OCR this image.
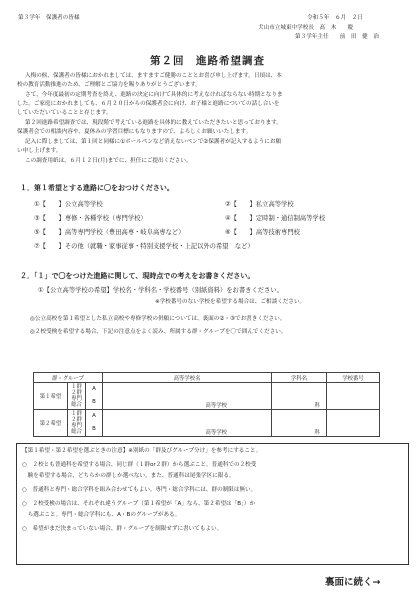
第３学年　保護者の皆様	令和５年　６月　２日
犬山市立城東中学校長　髙　木　　慶
第３学年主任　　前　田　健　治
第２回　進路希望調査
入梅の候、保護者の皆様におかれましては、ますますご健勝のこととお喜び申し上げます。日頃は、本
校の教育活動推進のため、ご理解とご協力を賜りありがとうございます。
さて、今年度最初の定期考査を終え、進路の決定に向けて具体的に考えなければならない時期となりま
した。ご家庭におかれましても、６月２０日からの保護者会に向け、お子様と進路についての話し合いを
していただいていることと存じます。
第２回進路希望調査では、現段階で考えている進路を具体的に教えていただきたいと思っております。
保護者会での相談内容や、夏休みの学習目標にもなりますので、よろしくお願いいたします。
記入に際しましては、第１回と同様に①ボールペンなど消えないペンで②保護者が記入するようにお願
い申し上げます。
この調査用紙は、６月１２日(月)までに、担任にご提出ください。
１．第１希望とする進路に〇をおつけください。
①【　　】公立高等学校	②【　　】私立高等学校
③【　　】専修・各種学校（専門学校）	④【　　】定時制・通信制高等学校
⑤【　　】高等専門学校（豊田高専・岐阜高専など）	⑥【　　】高等技術専門校
⑦【　　】その他（就職・家事従事・特別支援学校・上記以外の希望　など）
２．「１」で〇をつけた進路に関して、現時点での考えをお書きください。
①【公立高等学校の希望】学校名・学科名・学校番号（別紙資料）をお書きください。
※学校番号のない学校を希望する場合は、ご相談ください。
◎公立高校を第１希望とした私立高校や専修学校の併願については、裏面の②・③でお書きください。
◎２校受検を希望する場合、下記の注意点をよく読み、所属する群・グループを〇で囲んでください。
群・グループ			高等学校名	学科名	学校番号
第１希望	１群
２群
専門
総合	A
B	高等学校	科	
第２希望	１群
２群
専門
総合	A
B	高等学校	科	
【第１希望・第２希望を選ぶときの注意】※別紙の「群及びグループ分け」を参考にすること。
○　２校とも普通科を希望する場合、同じ群（１群or２群）から選ぶこと。普通科での２校受
　験を希望する場合、どちらかの群しか選べない。また、普通科は尾張学区に限る。
○　普通科と専門・総合学科を組み合わせてもよい。専門・総合学科には、群の制限は無い。
○　２校受検の場合は、それぞれ違うグループ（第１希望が「A」なら、第２希望は「B」）か
　ら選ぶこと。専門・総合学科にも、A・Bのグループがある。
○　希望がまだ決まっていない場合、群・グループを制限せずに書いてもよい。
裏面に続く→
